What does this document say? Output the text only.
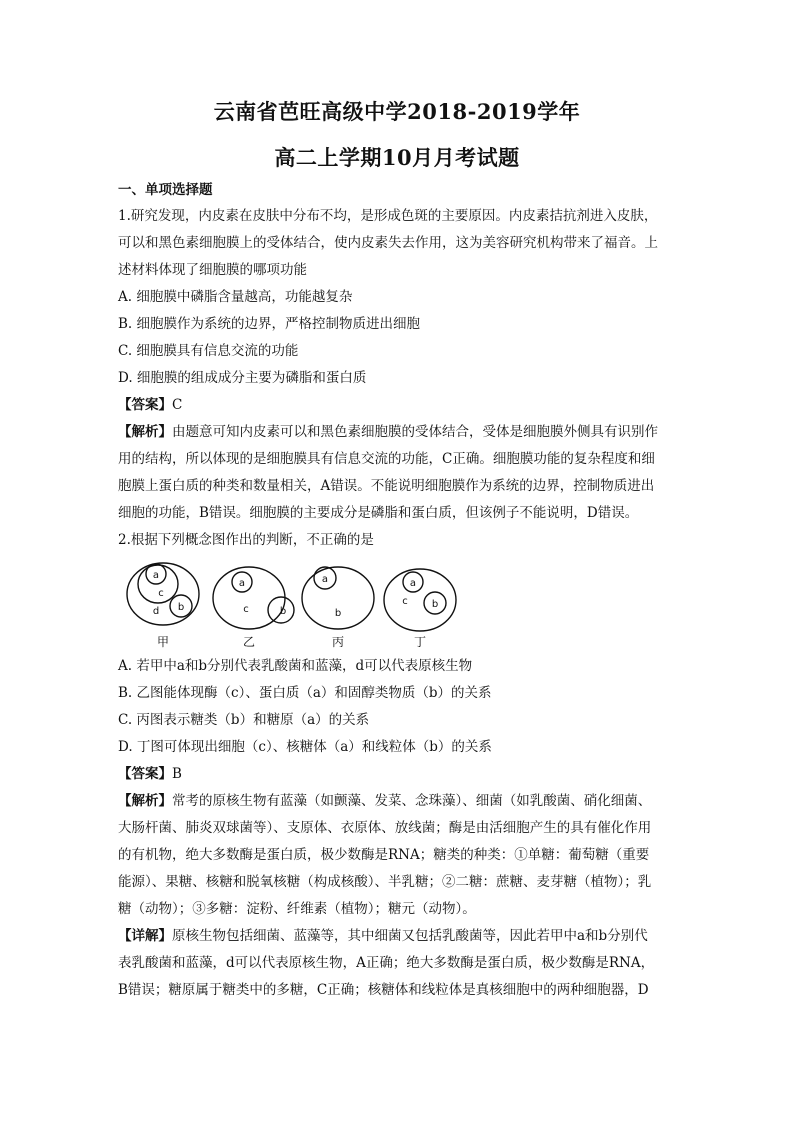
云南省芭旺高级中学2018-2019学年
高二上学期10月月考试题
一、单项选择题
1.研究发现，内皮素在皮肤中分布不均，是形成色斑的主要原因。内皮素拮抗剂进入皮肤，
可以和黑色素细胞膜上的受体结合，使内皮素失去作用，这为美容研究机构带来了福音。上
述材料体现了细胞膜的哪项功能
A. 细胞膜中磷脂含量越高，功能越复杂
B. 细胞膜作为系统的边界，严格控制物质进出细胞
C. 细胞膜具有信息交流的功能
D. 细胞膜的组成成分主要为磷脂和蛋白质
【答案】C
【解析】由题意可知内皮素可以和黑色素细胞膜的受体结合，受体是细胞膜外侧具有识别作
用的结构，所以体现的是细胞膜具有信息交流的功能，C正确。细胞膜功能的复杂程度和细
胞膜上蛋白质的种类和数量相关，A错误。不能说明细胞膜作为系统的边界，控制物质进出
细胞的功能，B错误。细胞膜的主要成分是磷脂和蛋白质，但该例子不能说明，D错误。
2.根据下列概念图作出的判断，不正确的是
a
c
d b
a
c	b
a
b
a
c b
甲	乙	丙	丁
A. 若甲中a和b分别代表乳酸菌和蓝藻，d可以代表原核生物
B. 乙图能体现酶（c）、蛋白质（a）和固醇类物质（b）的关系
C. 丙图表示糖类（b）和糖原（a）的关系
D. 丁图可体现出细胞（c）、核糖体（a）和线粒体（b）的关系
【答案】B
【解析】常考的原核生物有蓝藻（如颤藻、发菜、念珠藻）、细菌（如乳酸菌、硝化细菌、
大肠杆菌、肺炎双球菌等）、支原体、衣原体、放线菌；酶是由活细胞产生的具有催化作用
的有机物，绝大多数酶是蛋白质，极少数酶是RNA；糖类的种类：①单糖：葡萄糖（重要
能源）、果糖、核糖和脱氧核糖（构成核酸）、半乳糖；②二糖：蔗糖、麦芽糖（植物）；乳
糖（动物）；③多糖：淀粉、纤维素（植物）；糖元（动物）。
【详解】原核生物包括细菌、蓝藻等，其中细菌又包括乳酸菌等，因此若甲中a和b分别代
表乳酸菌和蓝藻，d可以代表原核生物，A正确；绝大多数酶是蛋白质，极少数酶是RNA，
B错误；糖原属于糖类中的多糖，C正确；核糖体和线粒体是真核细胞中的两种细胞器，D
